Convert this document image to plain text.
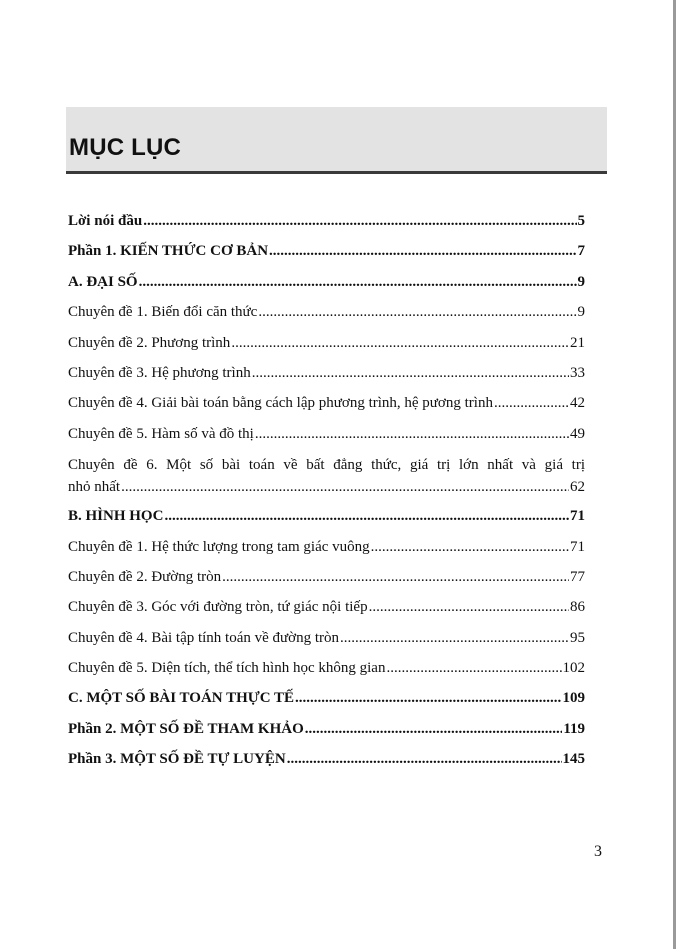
MỤC LỤC
Lời nói đầu .....	5
Phần 1. KIẾN THỨC CƠ BẢN .....	7
A. ĐẠI SỐ .....	9
Chuyên đề 1. Biến đổi căn thức .....	9
Chuyên đề 2. Phương trình .....	21
Chuyên đề 3. Hệ phương trình .....	33
Chuyên đề 4. Giải bài toán bằng cách lập phương trình, hệ pương trình .....	42
Chuyên đề 5. Hàm số và đồ thị .....	49
Chuyên đề 6. Một số bài toán về bất đẳng thức, giá trị lớn nhất và giá trị
nhỏ nhất .....	62
B. HÌNH HỌC .....	71
Chuyên đề 1. Hệ thức lượng trong tam giác vuông .....	71
Chuyên đề 2. Đường tròn .....	77
Chuyên đề 3. Góc với đường tròn, tứ giác nội tiếp .....	86
Chuyên đề 4. Bài tập tính toán về đường tròn .....	95
Chuyên đề 5. Diện tích, thể tích hình học không gian .....	102
C. MỘT SỐ BÀI TOÁN THỰC TẾ .....	109
Phần 2. MỘT SỐ ĐỀ THAM KHẢO .....	119
Phần 3. MỘT SỐ ĐỀ TỰ LUYỆN .....	145
3
